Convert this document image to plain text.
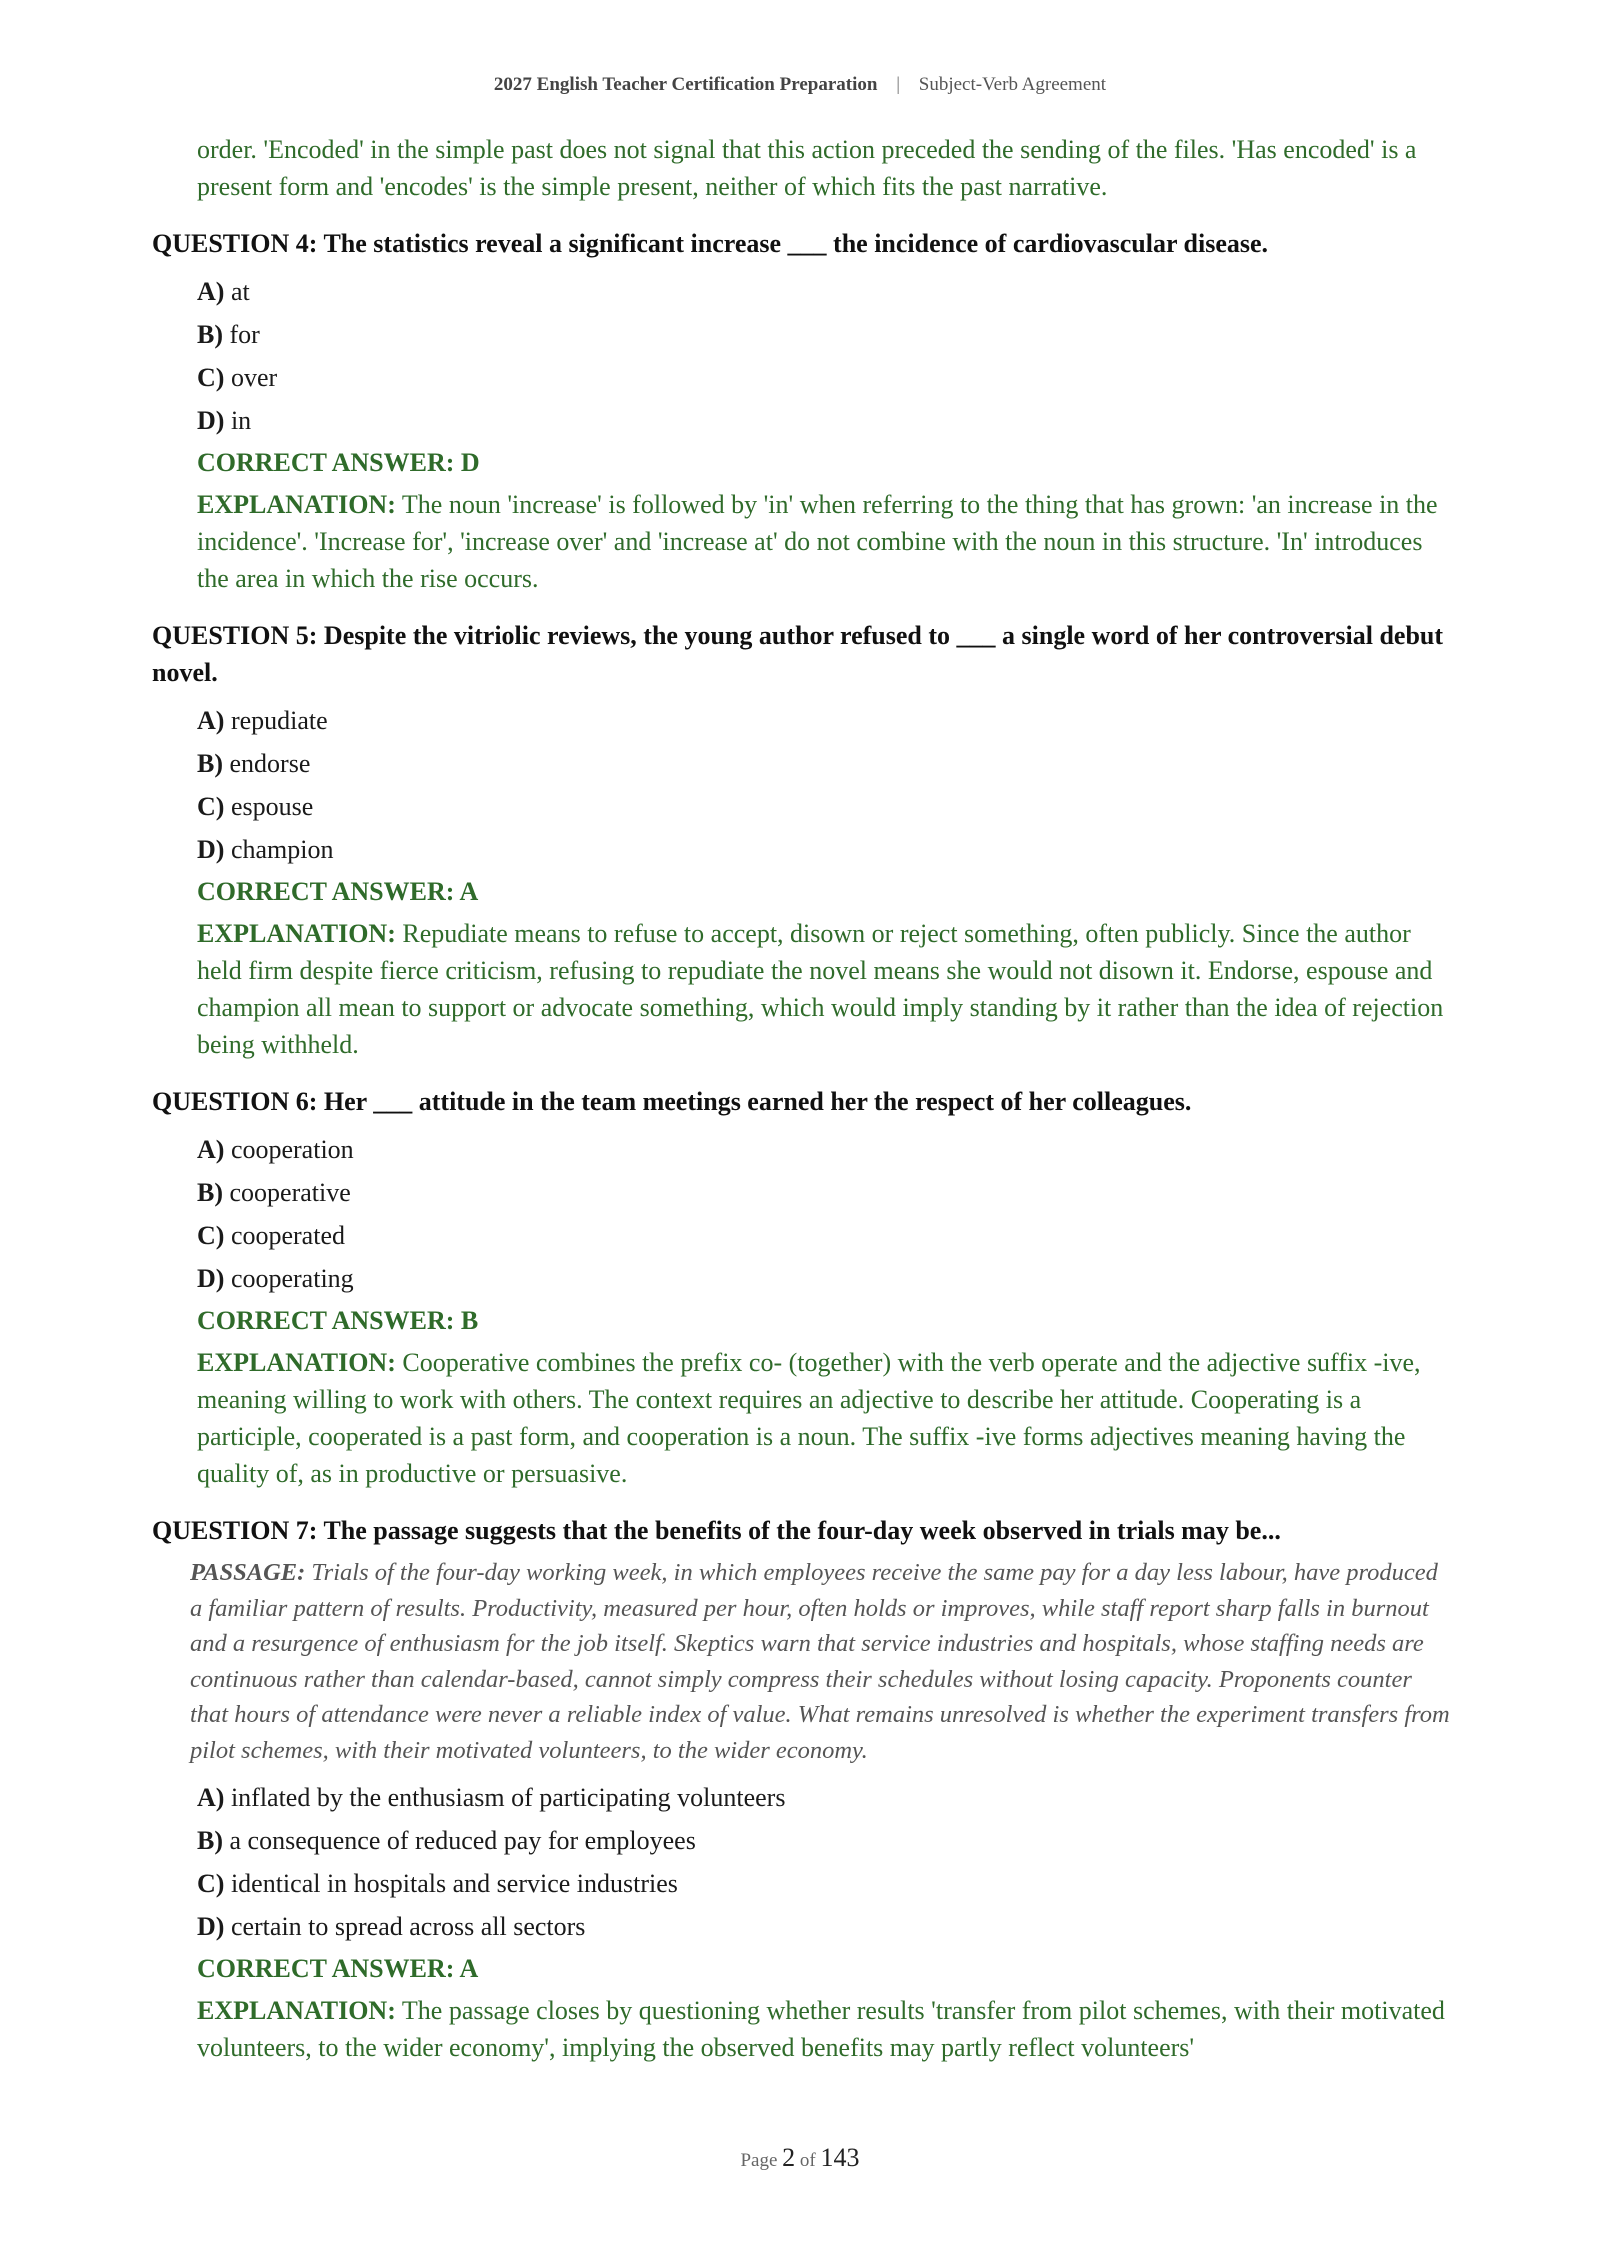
2027 English Teacher Certification Preparation | Subject-Verb Agreement

order. 'Encoded' in the simple past does not signal that this action preceded the sending of the files. 'Has encoded' is a present form and 'encodes' is the simple present, neither of which fits the past narrative.

QUESTION 4: The statistics reveal a significant increase ___ the incidence of cardiovascular disease.

A) at
B) for
C) over
D) in

CORRECT ANSWER: D

EXPLANATION: The noun 'increase' is followed by 'in' when referring to the thing that has grown: 'an increase in the incidence'. 'Increase for', 'increase over' and 'increase at' do not combine with the noun in this structure. 'In' introduces the area in which the rise occurs.

QUESTION 5: Despite the vitriolic reviews, the young author refused to ___ a single word of her controversial debut novel.

A) repudiate
B) endorse
C) espouse
D) champion

CORRECT ANSWER: A

EXPLANATION: Repudiate means to refuse to accept, disown or reject something, often publicly. Since the author held firm despite fierce criticism, refusing to repudiate the novel means she would not disown it. Endorse, espouse and champion all mean to support or advocate something, which would imply standing by it rather than the idea of rejection being withheld.

QUESTION 6: Her ___ attitude in the team meetings earned her the respect of her colleagues.

A) cooperation
B) cooperative
C) cooperated
D) cooperating

CORRECT ANSWER: B

EXPLANATION: Cooperative combines the prefix co- (together) with the verb operate and the adjective suffix -ive, meaning willing to work with others. The context requires an adjective to describe her attitude. Cooperating is a participle, cooperated is a past form, and cooperation is a noun. The suffix -ive forms adjectives meaning having the quality of, as in productive or persuasive.

QUESTION 7: The passage suggests that the benefits of the four-day week observed in trials may be...

PASSAGE: Trials of the four-day working week, in which employees receive the same pay for a day less labour, have produced a familiar pattern of results. Productivity, measured per hour, often holds or improves, while staff report sharp falls in burnout and a resurgence of enthusiasm for the job itself. Skeptics warn that service industries and hospitals, whose staffing needs are continuous rather than calendar-based, cannot simply compress their schedules without losing capacity. Proponents counter that hours of attendance were never a reliable index of value. What remains unresolved is whether the experiment transfers from pilot schemes, with their motivated volunteers, to the wider economy.

A) inflated by the enthusiasm of participating volunteers
B) a consequence of reduced pay for employees
C) identical in hospitals and service industries
D) certain to spread across all sectors

CORRECT ANSWER: A

EXPLANATION: The passage closes by questioning whether results 'transfer from pilot schemes, with their motivated volunteers, to the wider economy', implying the observed benefits may partly reflect volunteers'

Page 2 of 143
